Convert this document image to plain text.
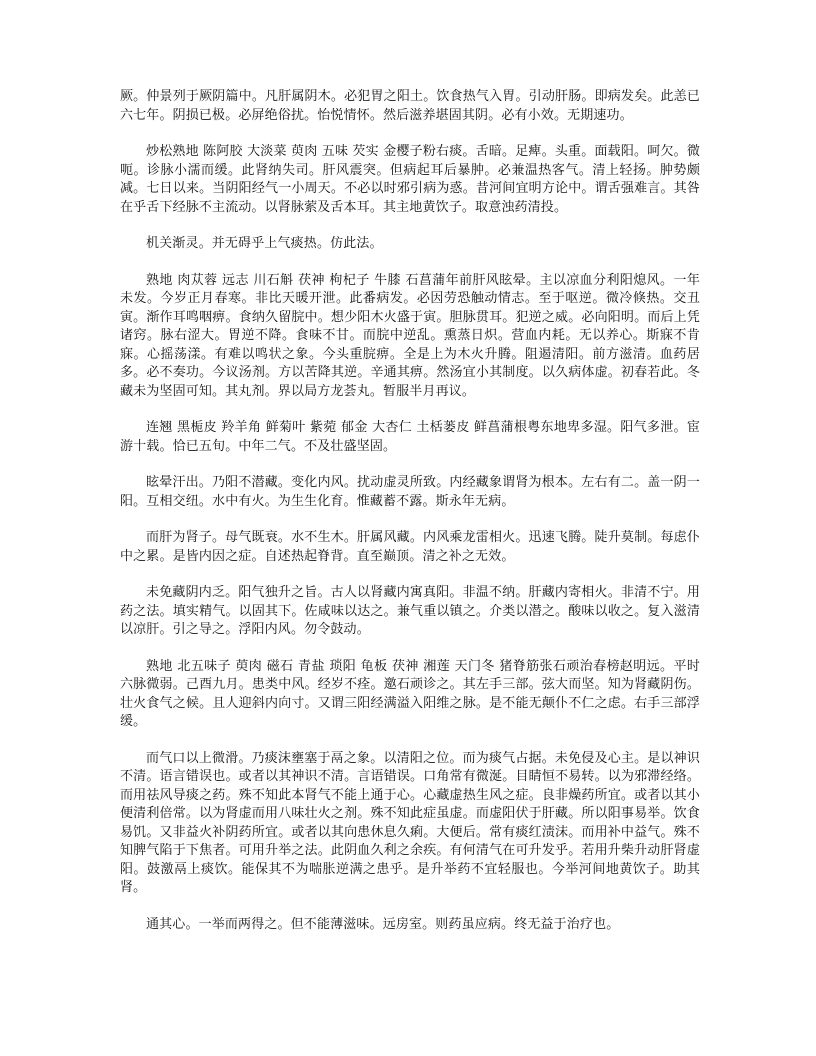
厥。仲景列于厥阴篇中。凡肝属阴木。必犯胃之阳土。饮食热气入胃。引动肝肠。即病发矣。此恙已六七年。阴损已极。必屏绝俗扰。怡悦情怀。然后滋养堪固其阴。必有小效。无期速功。

炒松熟地 陈阿胶 大淡菜 萸肉 五味 芡实 金樱子粉右痰。舌暗。足痺。头重。面载阳。呵欠。微呃。诊脉小濡而缓。此肾纳失司。肝风震突。但病起耳后暴肿。必兼温热客气。清上轻扬。肿势颇减。七日以来。当阴阳经气一小周天。不必以时邪引病为惑。昔河间宜明方论中。谓舌强难言。其咎在乎舌下经脉不主流动。以肾脉萦及舌本耳。其主地黄饮子。取意浊药清投。

机关渐灵。并无碍乎上气痰热。仿此法。

熟地 肉苁蓉 远志 川石斛 茯神 枸杞子 牛膝 石菖蒲年前肝风眩晕。主以凉血分利阳熄风。一年未发。今岁正月春寒。非比天暖开泄。此番病发。必因劳恐触动情志。至于呕逆。微冷倏热。交丑寅。渐作耳鸣咽痹。食纳久留脘中。想少阳木火盛于寅。胆脉贯耳。犯逆之威。必向阳明。而后上凭诸窍。脉右涩大。胃逆不降。食味不甘。而脘中逆乱。熏蒸日炽。营血内耗。无以养心。斯寐不肯寐。心摇荡漾。有难以鸣状之象。今头重脘痹。全是上为木火升腾。阻遏清阳。前方滋清。血药居多。必不奏功。今议汤剂。方以苦降其逆。辛通其痹。然汤宜小其制度。以久病体虚。初春若此。冬藏未为坚固可知。其丸剂。界以局方龙荟丸。暂服半月再议。

连翘 黑栀皮 羚羊角 鲜菊叶 紫菀 郁金 大杏仁 土栝蒌皮 鲜菖蒲根粤东地卑多湿。阳气多泄。宦游十载。恰已五旬。中年二气。不及壮盛坚固。

眩晕汗出。乃阳不潜藏。变化内风。扰动虚灵所致。内经藏象谓肾为根本。左右有二。盖一阴一阳。互相交纽。水中有火。为生生化育。惟藏蓄不露。斯永年无病。

而肝为肾子。母气既衰。水不生木。肝属风藏。内风乘龙雷相火。迅速飞腾。陡升莫制。每虑仆中之累。是皆内因之症。自述热起脊背。直至巅顶。清之补之无效。

未免藏阴内乏。阳气独升之旨。古人以肾藏内寓真阳。非温不纳。肝藏内寄相火。非清不宁。用药之法。填实精气。以固其下。佐咸味以达之。兼气重以镇之。介类以潜之。酸味以收之。复入滋清以凉肝。引之导之。浮阳内风。勿令鼓动。

熟地 北五味子 萸肉 磁石 青盐 琐阳 龟板 茯神 湘莲 天门冬 猪脊筋张石顽治春榜赵明远。平时六脉微弱。己酉九月。患类中风。经岁不痊。邀石顽诊之。其左手三部。弦大而坚。知为肾藏阴伤。壮火食气之候。且人迎斜内向寸。又谓三阳经满溢入阳维之脉。是不能无颠仆不仁之虑。右手三部浮缓。

而气口以上微滑。乃痰沫壅塞于鬲之象。以清阳之位。而为痰气占据。未免侵及心主。是以神识不清。语言错误也。或者以其神识不清。言语错误。口角常有微涎。目睛恒不易转。以为邪滞经络。而用祛风导痰之药。殊不知此本肾气不能上通于心。心藏虚热生风之症。良非燥药所宜。或者以其小便清利倍常。以为肾虚而用八味壮火之剂。殊不知此症虽虚。而虚阳伏于肝藏。所以阳事易举。饮食易饥。又非益火补阴药所宜。或者以其向患休息久痢。大便后。常有痰红渍沫。而用补中益气。殊不知脾气陷于下焦者。可用升举之法。此阴血久利之余疾。有何清气在可升发乎。若用升柴升动肝肾虚阳。鼓激鬲上痰饮。能保其不为喘胀逆满之患乎。是升举药不宜轻服也。今举河间地黄饮子。助其肾。

通其心。一举而两得之。但不能薄滋味。远房室。则药虽应病。终无益于治疗也。
